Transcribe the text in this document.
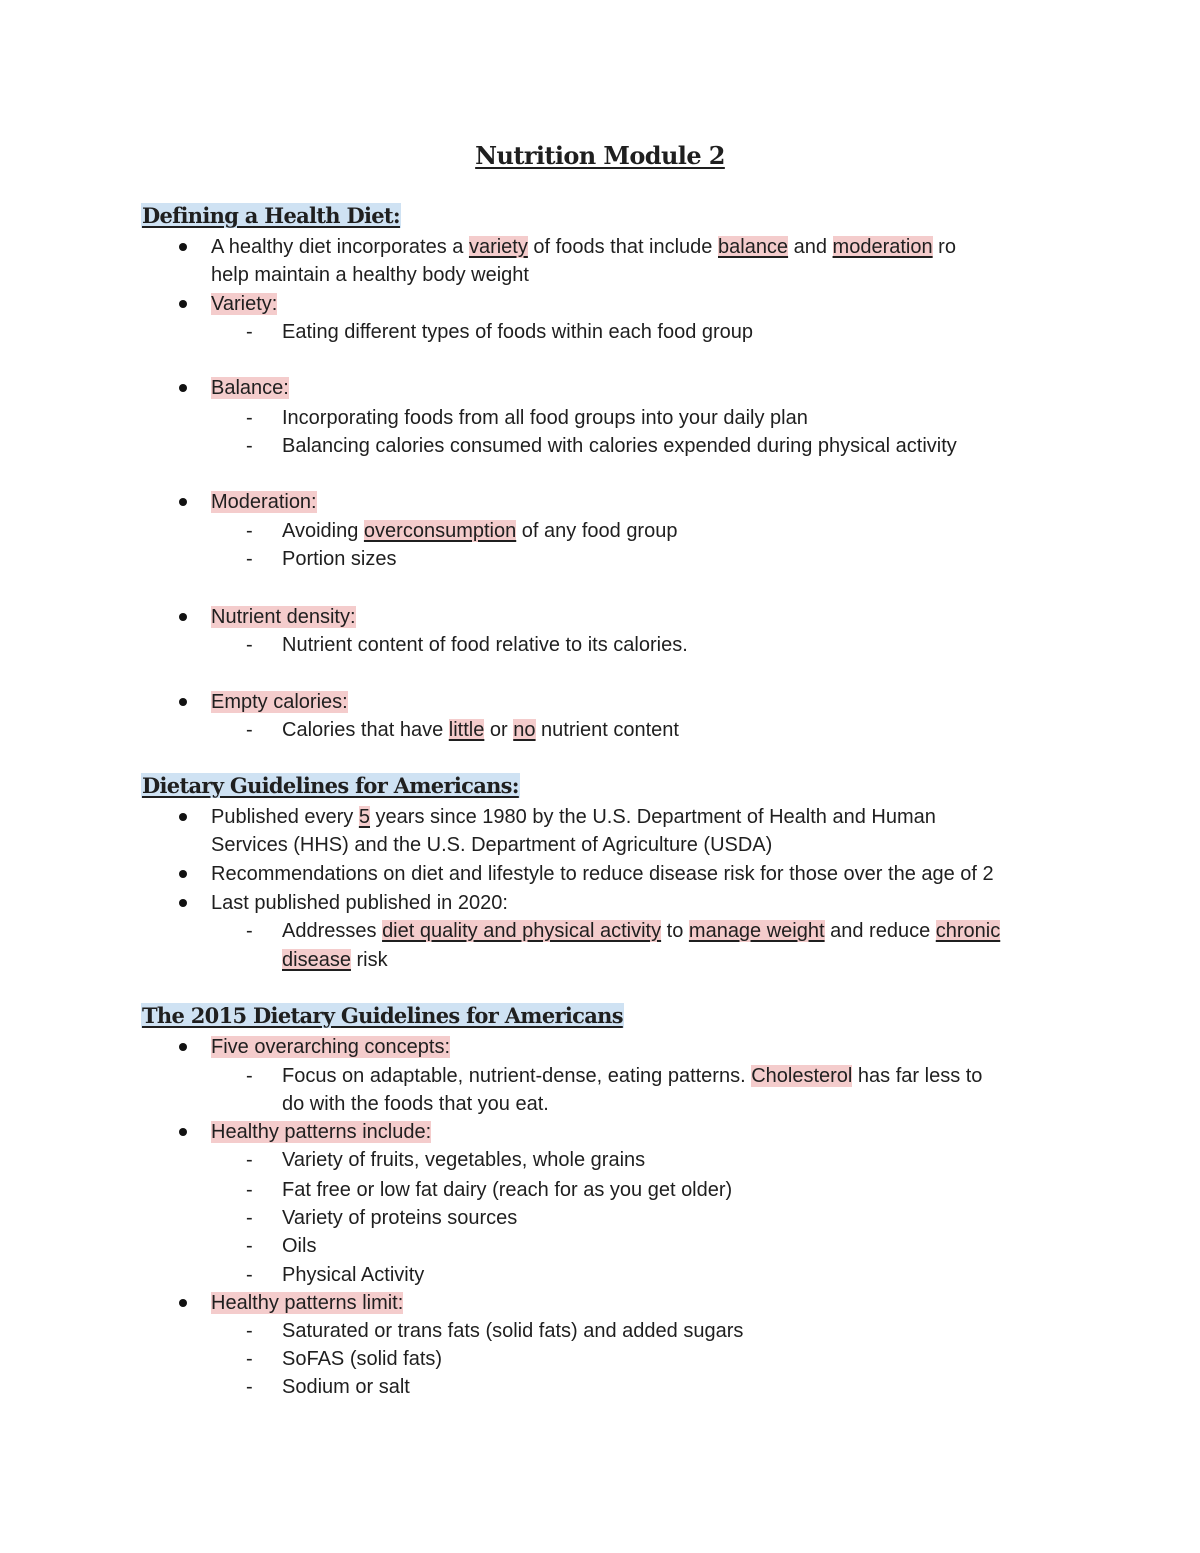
Nutrition Module 2
Defining a Health Diet:
A healthy diet incorporates a variety of foods that include balance and moderation ro
help maintain a healthy body weight
Variety:
- Eating different types of foods within each food group
Balance:
- Incorporating foods from all food groups into your daily plan
- Balancing calories consumed with calories expended during physical activity
Moderation:
- Avoiding overconsumption of any food group
- Portion sizes
Nutrient density:
- Nutrient content of food relative to its calories.
Empty calories:
- Calories that have little or no nutrient content
Dietary Guidelines for Americans:
Published every 5 years since 1980 by the U.S. Department of Health and Human
Services (HHS) and the U.S. Department of Agriculture (USDA)
Recommendations on diet and lifestyle to reduce disease risk for those over the age of 2
Last published published in 2020:
- Addresses diet quality and physical activity to manage weight and reduce chronic
disease risk
The 2015 Dietary Guidelines for Americans
Five overarching concepts:
- Focus on adaptable, nutrient-dense, eating patterns. Cholesterol has far less to
do with the foods that you eat.
Healthy patterns include:
- Variety of fruits, vegetables, whole grains
- Fat free or low fat dairy (reach for as you get older)
- Variety of proteins sources
- Oils
- Physical Activity
Healthy patterns limit:
- Saturated or trans fats (solid fats) and added sugars
- SoFAS (solid fats)
- Sodium or salt
